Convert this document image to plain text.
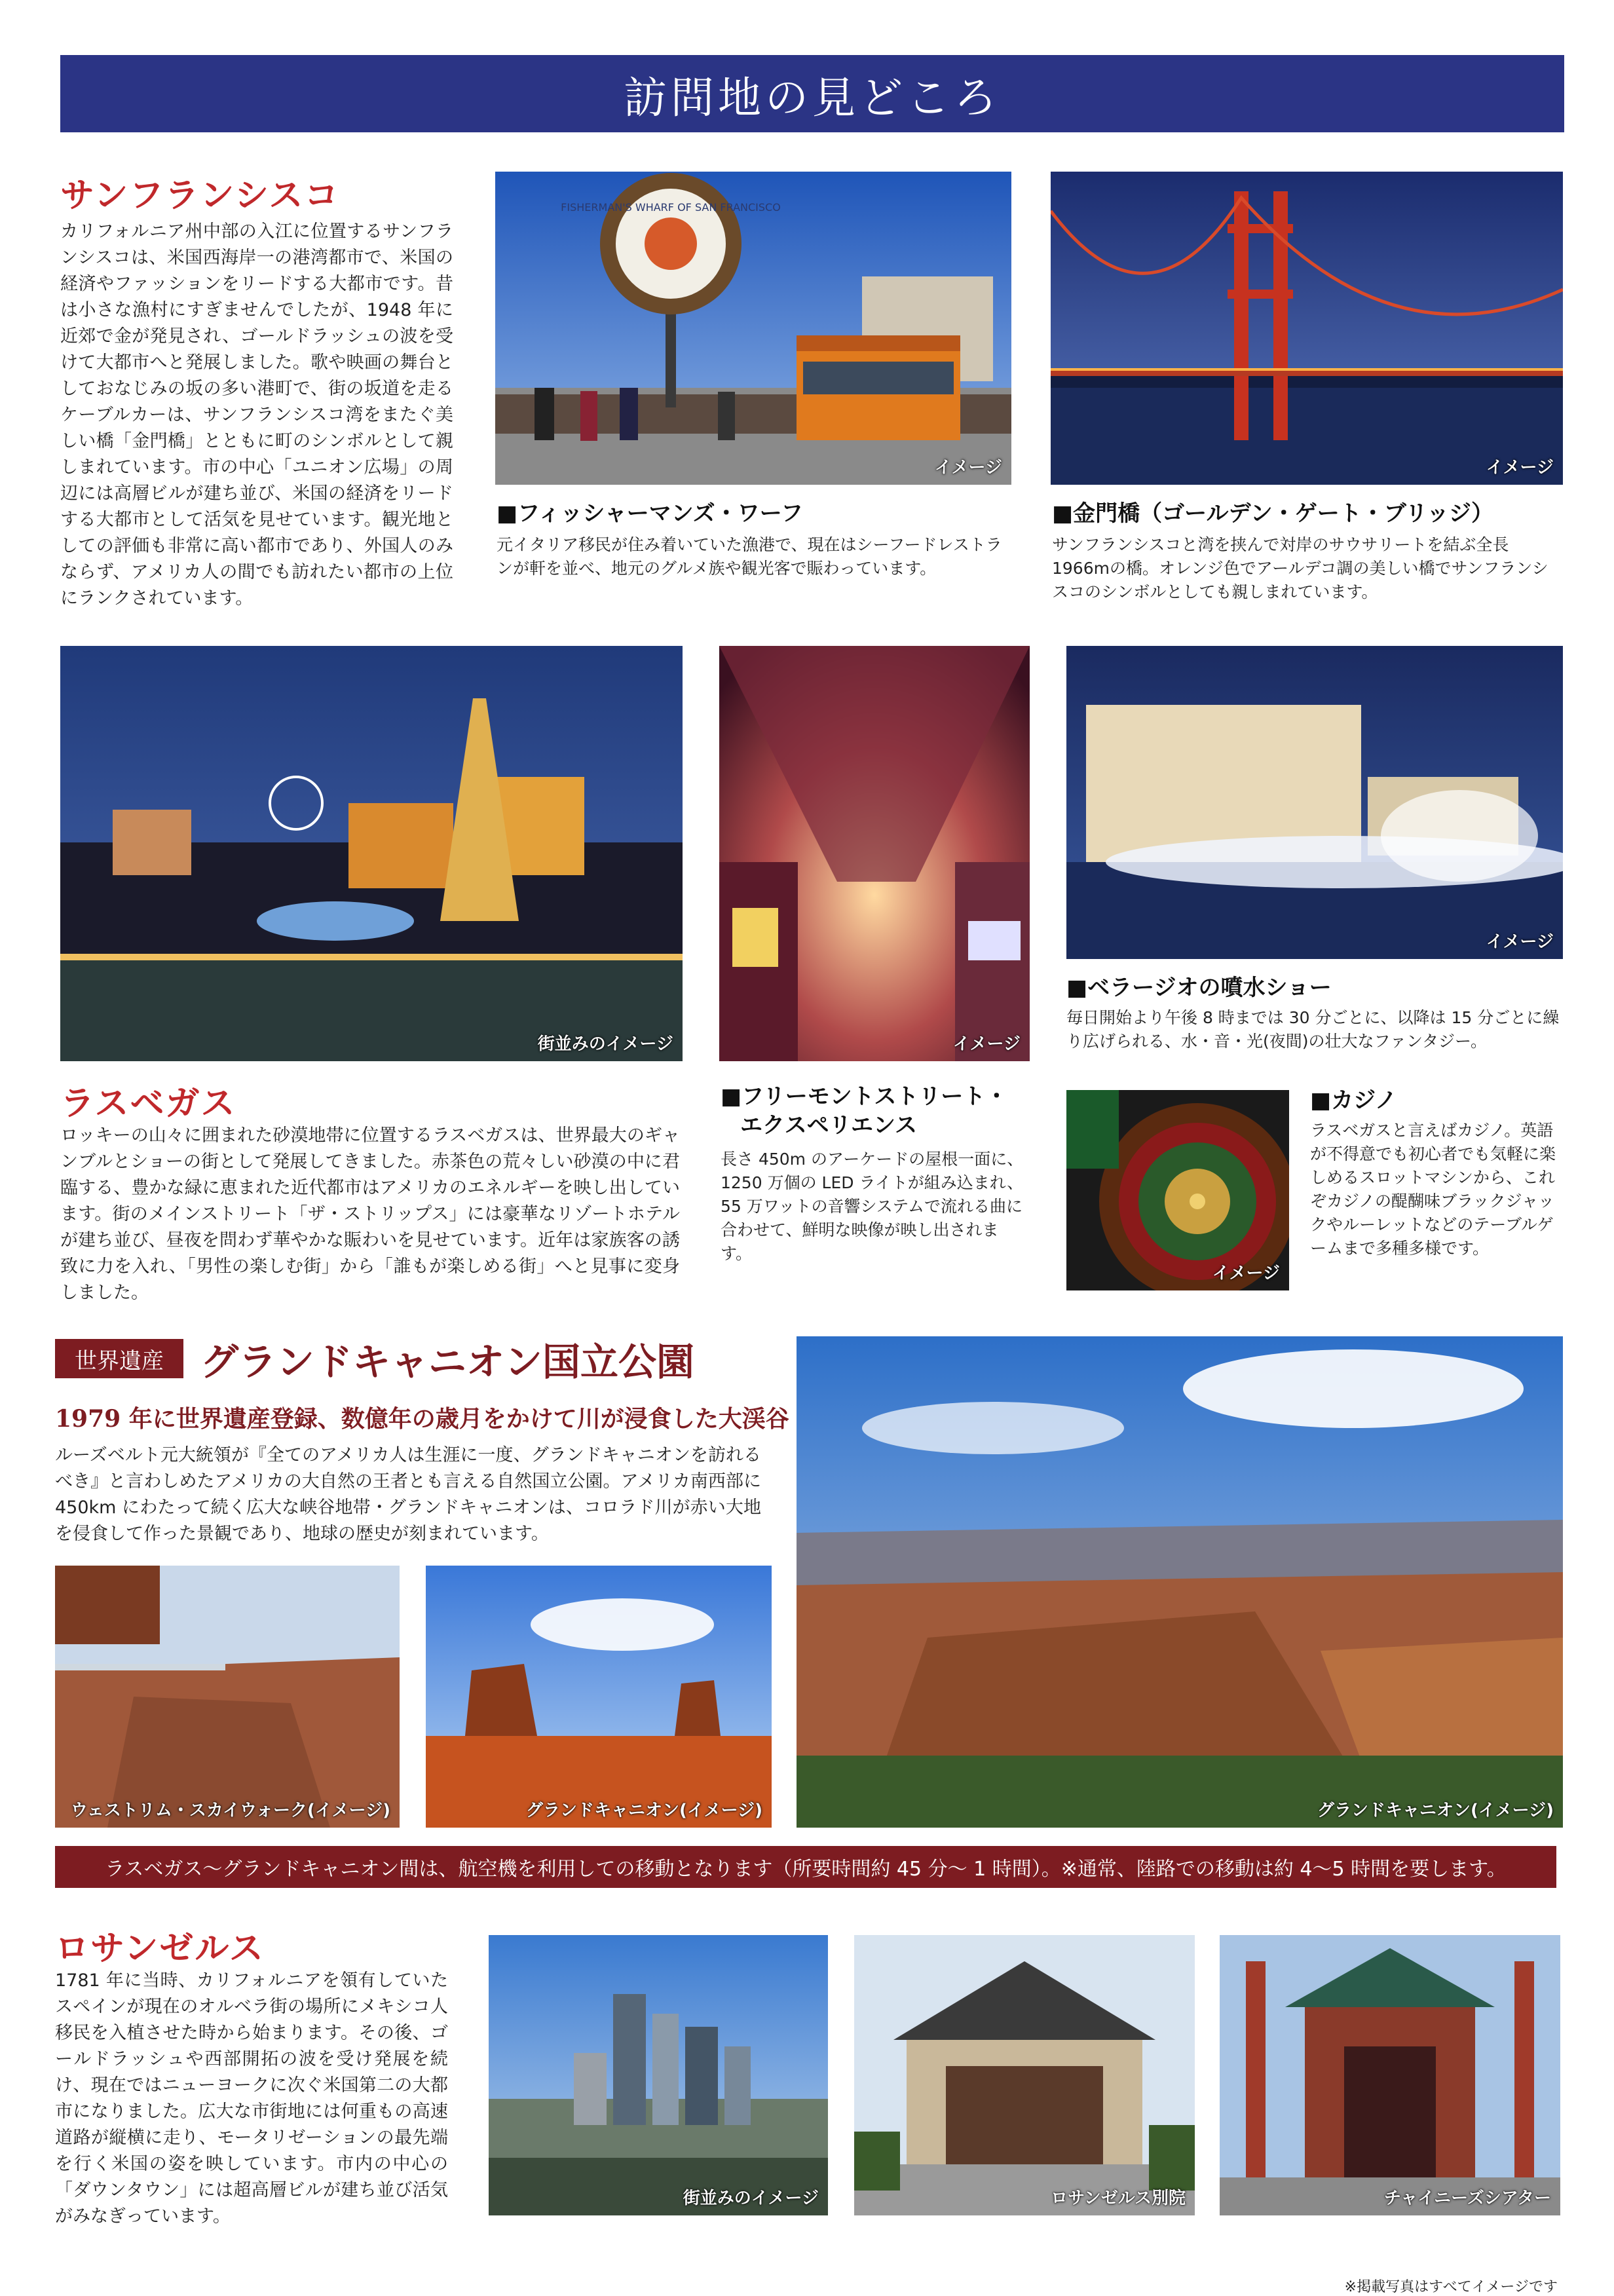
訪問地の見どころ
サンフランシスコ
カリフォルニア州中部の入江に位置するサンフランシスコは、米国西海岸一の港湾都市で、米国の経済やファッションをリードする大都市です。昔は小さな漁村にすぎませんでしたが、1948 年に近郊で金が発見され、ゴールドラッシュの波を受けて大都市へと発展しました。歌や映画の舞台としておなじみの坂の多い港町で、街の坂道を走るケーブルカーは、サンフランシスコ湾をまたぐ美しい橋「金門橋」とともに町のシンボルとして親しまれています。市の中心「ユニオン広場」の周辺には高層ビルが建ち並び、米国の経済をリードする大都市として活気を見せています。観光地としての評価も非常に高い都市であり、外国人のみならず、アメリカ人の間でも訪れたい都市の上位にランクされています。
FISHERMAN'S WHARF OF SAN FRANCISCO
イメージ
■フィッシャーマンズ・ワーフ
元イタリア移民が住み着いていた漁港で、現在はシーフードレストランが軒を並べ、地元のグルメ族や観光客で賑わっています。
イメージ
■金門橋（ゴールデン・ゲート・ブリッジ）
サンフランシスコと湾を挟んで対岸のサウサリートを結ぶ全長1966mの橋。オレンジ色でアールデコ調の美しい橋でサンフランシスコのシンボルとしても親しまれています。
街並みのイメージ
ラスベガス
ロッキーの山々に囲まれた砂漠地帯に位置するラスベガスは、世界最大のギャンブルとショーの街として発展してきました。赤茶色の荒々しい砂漠の中に君臨する、豊かな緑に恵まれた近代都市はアメリカのエネルギーを映し出しています。街のメインストリート「ザ・ストリップス」には豪華なリゾートホテルが建ち並び、昼夜を問わず華やかな賑わいを見せています。近年は家族客の誘致に力を入れ、「男性の楽しむ街」から「誰もが楽しめる街」へと見事に変身しました。
イメージ
■フリーモントストリート・
エクスペリエンス
長さ 450m のアーケードの屋根一面に、1250 万個の LED ライトが組み込まれ、55 万ワットの音響システムで流れる曲に合わせて、鮮明な映像が映し出されます。
イメージ
■ベラージオの噴水ショー
毎日開始より午後 8 時までは 30 分ごとに、以降は 15 分ごとに繰り広げられる、水・音・光(夜間)の壮大なファンタジー。
イメージ
■カジノ
ラスベガスと言えばカジノ。英語が不得意でも初心者でも気軽に楽しめるスロットマシンから、これぞカジノの醍醐味ブラックジャックやルーレットなどのテーブルゲームまで多種多様です。
世界遺産 グランドキャニオン国立公園
1979 年に世界遺産登録、数億年の歳月をかけて川が浸食した大渓谷
ルーズベルト元大統領が『全てのアメリカ人は生涯に一度、グランドキャニオンを訪れるべき』と言わしめたアメリカの大自然の王者とも言える自然国立公園。アメリカ南西部に 450km にわたって続く広大な峡谷地帯・グランドキャニオンは、コロラド川が赤い大地を侵食して作った景観であり、地球の歴史が刻まれています。
ウェストリム・スカイウォーク(イメージ)	グランドキャニオン(イメージ)	グランドキャニオン(イメージ)
ラスベガス～グランドキャニオン間は、航空機を利用しての移動となります（所要時間約 45 分～ 1 時間）。※通常、陸路での移動は約 4～5 時間を要します。
ロサンゼルス
1781 年に当時、カリフォルニアを領有していたスペインが現在のオルベラ街の場所にメキシコ人移民を入植させた時から始まります。その後、ゴールドラッシュや西部開拓の波を受け発展を続け、現在ではニューヨークに次ぐ米国第二の大都市になりました。広大な市街地には何重もの高速道路が縦横に走り、モータリゼーションの最先端を行く米国の姿を映しています。市内の中心の「ダウンタウン」には超高層ビルが建ち並び活気がみなぎっています。
街並みのイメージ	ロサンゼルス別院	チャイニーズシアター
※掲載写真はすべてイメージです
